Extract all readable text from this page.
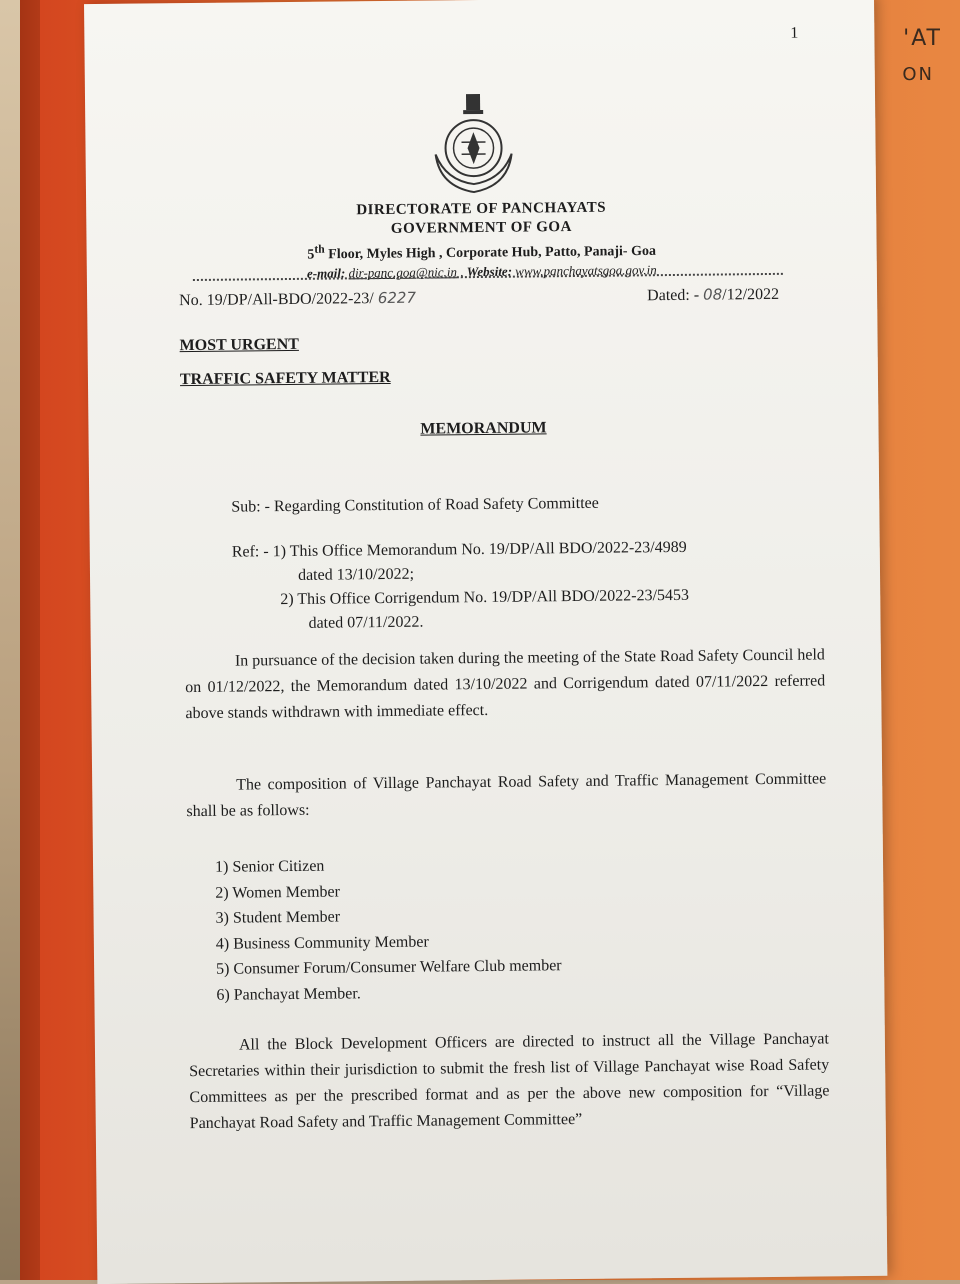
'AT
ON
1
DIRECTORATE OF PANCHAYATS
GOVERNMENT OF GOA
5th Floor, Myles High , Corporate Hub, Patto, Panaji- Goa
e-mail: dir-panc.goa@nic.in , Website: www.panchayatsgoa.gov.in
No. 19/DP/All-BDO/2022-23/ 6227	Dated: - 08/12/2022
MOST URGENT
TRAFFIC SAFETY MATTER
MEMORANDUM
Sub: - Regarding Constitution of Road Safety Committee
Ref: - 1) This Office Memorandum No. 19/DP/All BDO/2022-23/4989
dated 13/10/2022;
2) This Office Corrigendum No. 19/DP/All BDO/2022-23/5453
dated 07/11/2022.
In pursuance of the decision taken during the meeting of the State Road Safety Council held on 01/12/2022, the Memorandum dated 13/10/2022 and Corrigendum dated 07/11/2022 referred above stands withdrawn with immediate effect.
The composition of Village Panchayat Road Safety and Traffic Management Committee shall be as follows:
1) Senior Citizen
2) Women Member
3) Student Member
4) Business Community Member
5) Consumer Forum/Consumer Welfare Club member
6) Panchayat Member.
All the Block Development Officers are directed to instruct all the Village Panchayat Secretaries within their jurisdiction to submit the fresh list of Village Panchayat wise Road Safety Committees as per the prescribed format and as per the above new composition for “Village Panchayat Road Safety and Traffic Management Committee”
